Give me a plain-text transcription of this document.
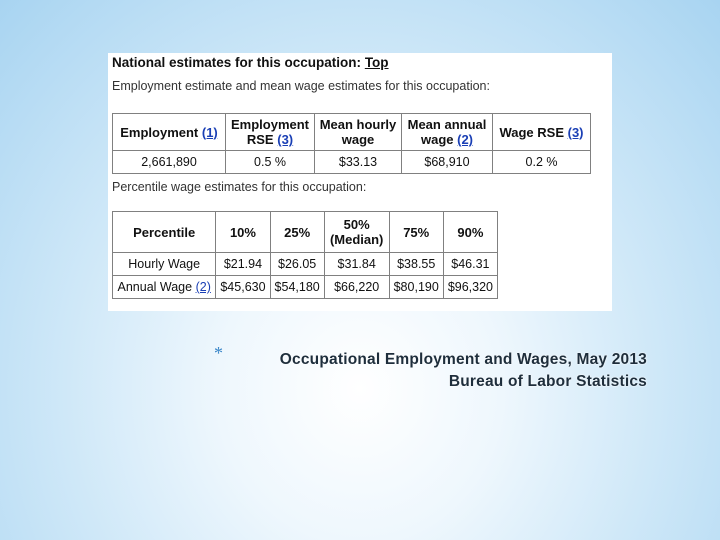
National estimates for this occupation: Top
Employment estimate and mean wage estimates for this occupation:
Employment (1)	Employment RSE (3)	Mean hourly wage	Mean annual wage (2)	Wage RSE (3)
2,661,890	0.5 %	$33.13	$68,910	0.2 %
Percentile wage estimates for this occupation:
Percentile	10%	25%	50% (Median)	75%	90%
Hourly Wage	$21.94	$26.05	$31.84	$38.55	$46.31
Annual Wage (2)	$45,630	$54,180	$66,220	$80,190	$96,320
*	Occupational Employment and Wages, May 2013
Bureau of Labor Statistics
